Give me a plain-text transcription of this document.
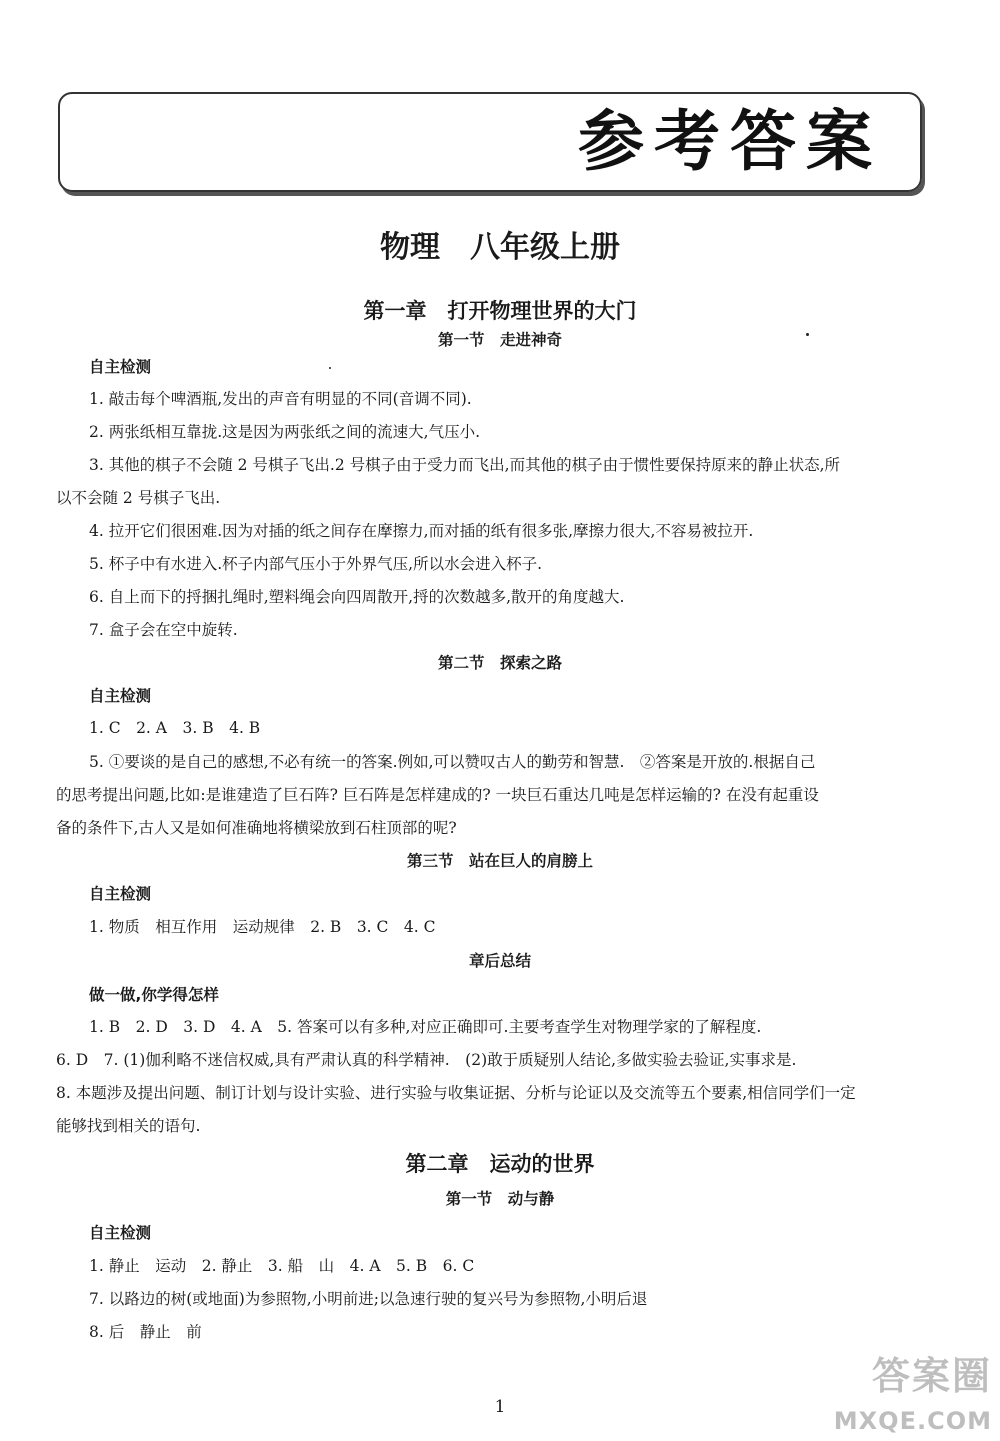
参考答案
物理　八年级上册
第一章　打开物理世界的大门
第一节　走进神奇
自主检测
1. 敲击每个啤酒瓶,发出的声音有明显的不同(音调不同).
2. 两张纸相互靠拢.这是因为两张纸之间的流速大,气压小.
3. 其他的棋子不会随 2 号棋子飞出.2 号棋子由于受力而飞出,而其他的棋子由于惯性要保持原来的静止状态,所
以不会随 2 号棋子飞出.
4. 拉开它们很困难.因为对插的纸之间存在摩擦力,而对插的纸有很多张,摩擦力很大,不容易被拉开.
5. 杯子中有水进入.杯子内部气压小于外界气压,所以水会进入杯子.
6. 自上而下的捋捆扎绳时,塑料绳会向四周散开,捋的次数越多,散开的角度越大.
7. 盒子会在空中旋转.
第二节　探索之路
自主检测
1. C　2. A　3. B　4. B
5. ①要谈的是自己的感想,不必有统一的答案.例如,可以赞叹古人的勤劳和智慧.　②答案是开放的.根据自己
的思考提出问题,比如:是谁建造了巨石阵? 巨石阵是怎样建成的? 一块巨石重达几吨是怎样运输的? 在没有起重设
备的条件下,古人又是如何准确地将横梁放到石柱顶部的呢?
第三节　站在巨人的肩膀上
自主检测
1. 物质　相互作用　运动规律　2. B　3. C　4. C
章后总结
做一做,你学得怎样
1. B　2. D　3. D　4. A　5. 答案可以有多种,对应正确即可.主要考查学生对物理学家的了解程度.
6. D　7. (1)伽利略不迷信权威,具有严肃认真的科学精神.　(2)敢于质疑别人结论,多做实验去验证,实事求是.
8. 本题涉及提出问题、制订计划与设计实验、进行实验与收集证据、分析与论证以及交流等五个要素,相信同学们一定
能够找到相关的语句.
第二章　运动的世界
第一节　动与静
自主检测
1. 静止　运动　2. 静止　3. 船　山　4. A　5. B　6. C
7. 以路边的树(或地面)为参照物,小明前进;以急速行驶的复兴号为参照物,小明后退
8. 后　静止　前
1
答案圈
MXQE.COM
